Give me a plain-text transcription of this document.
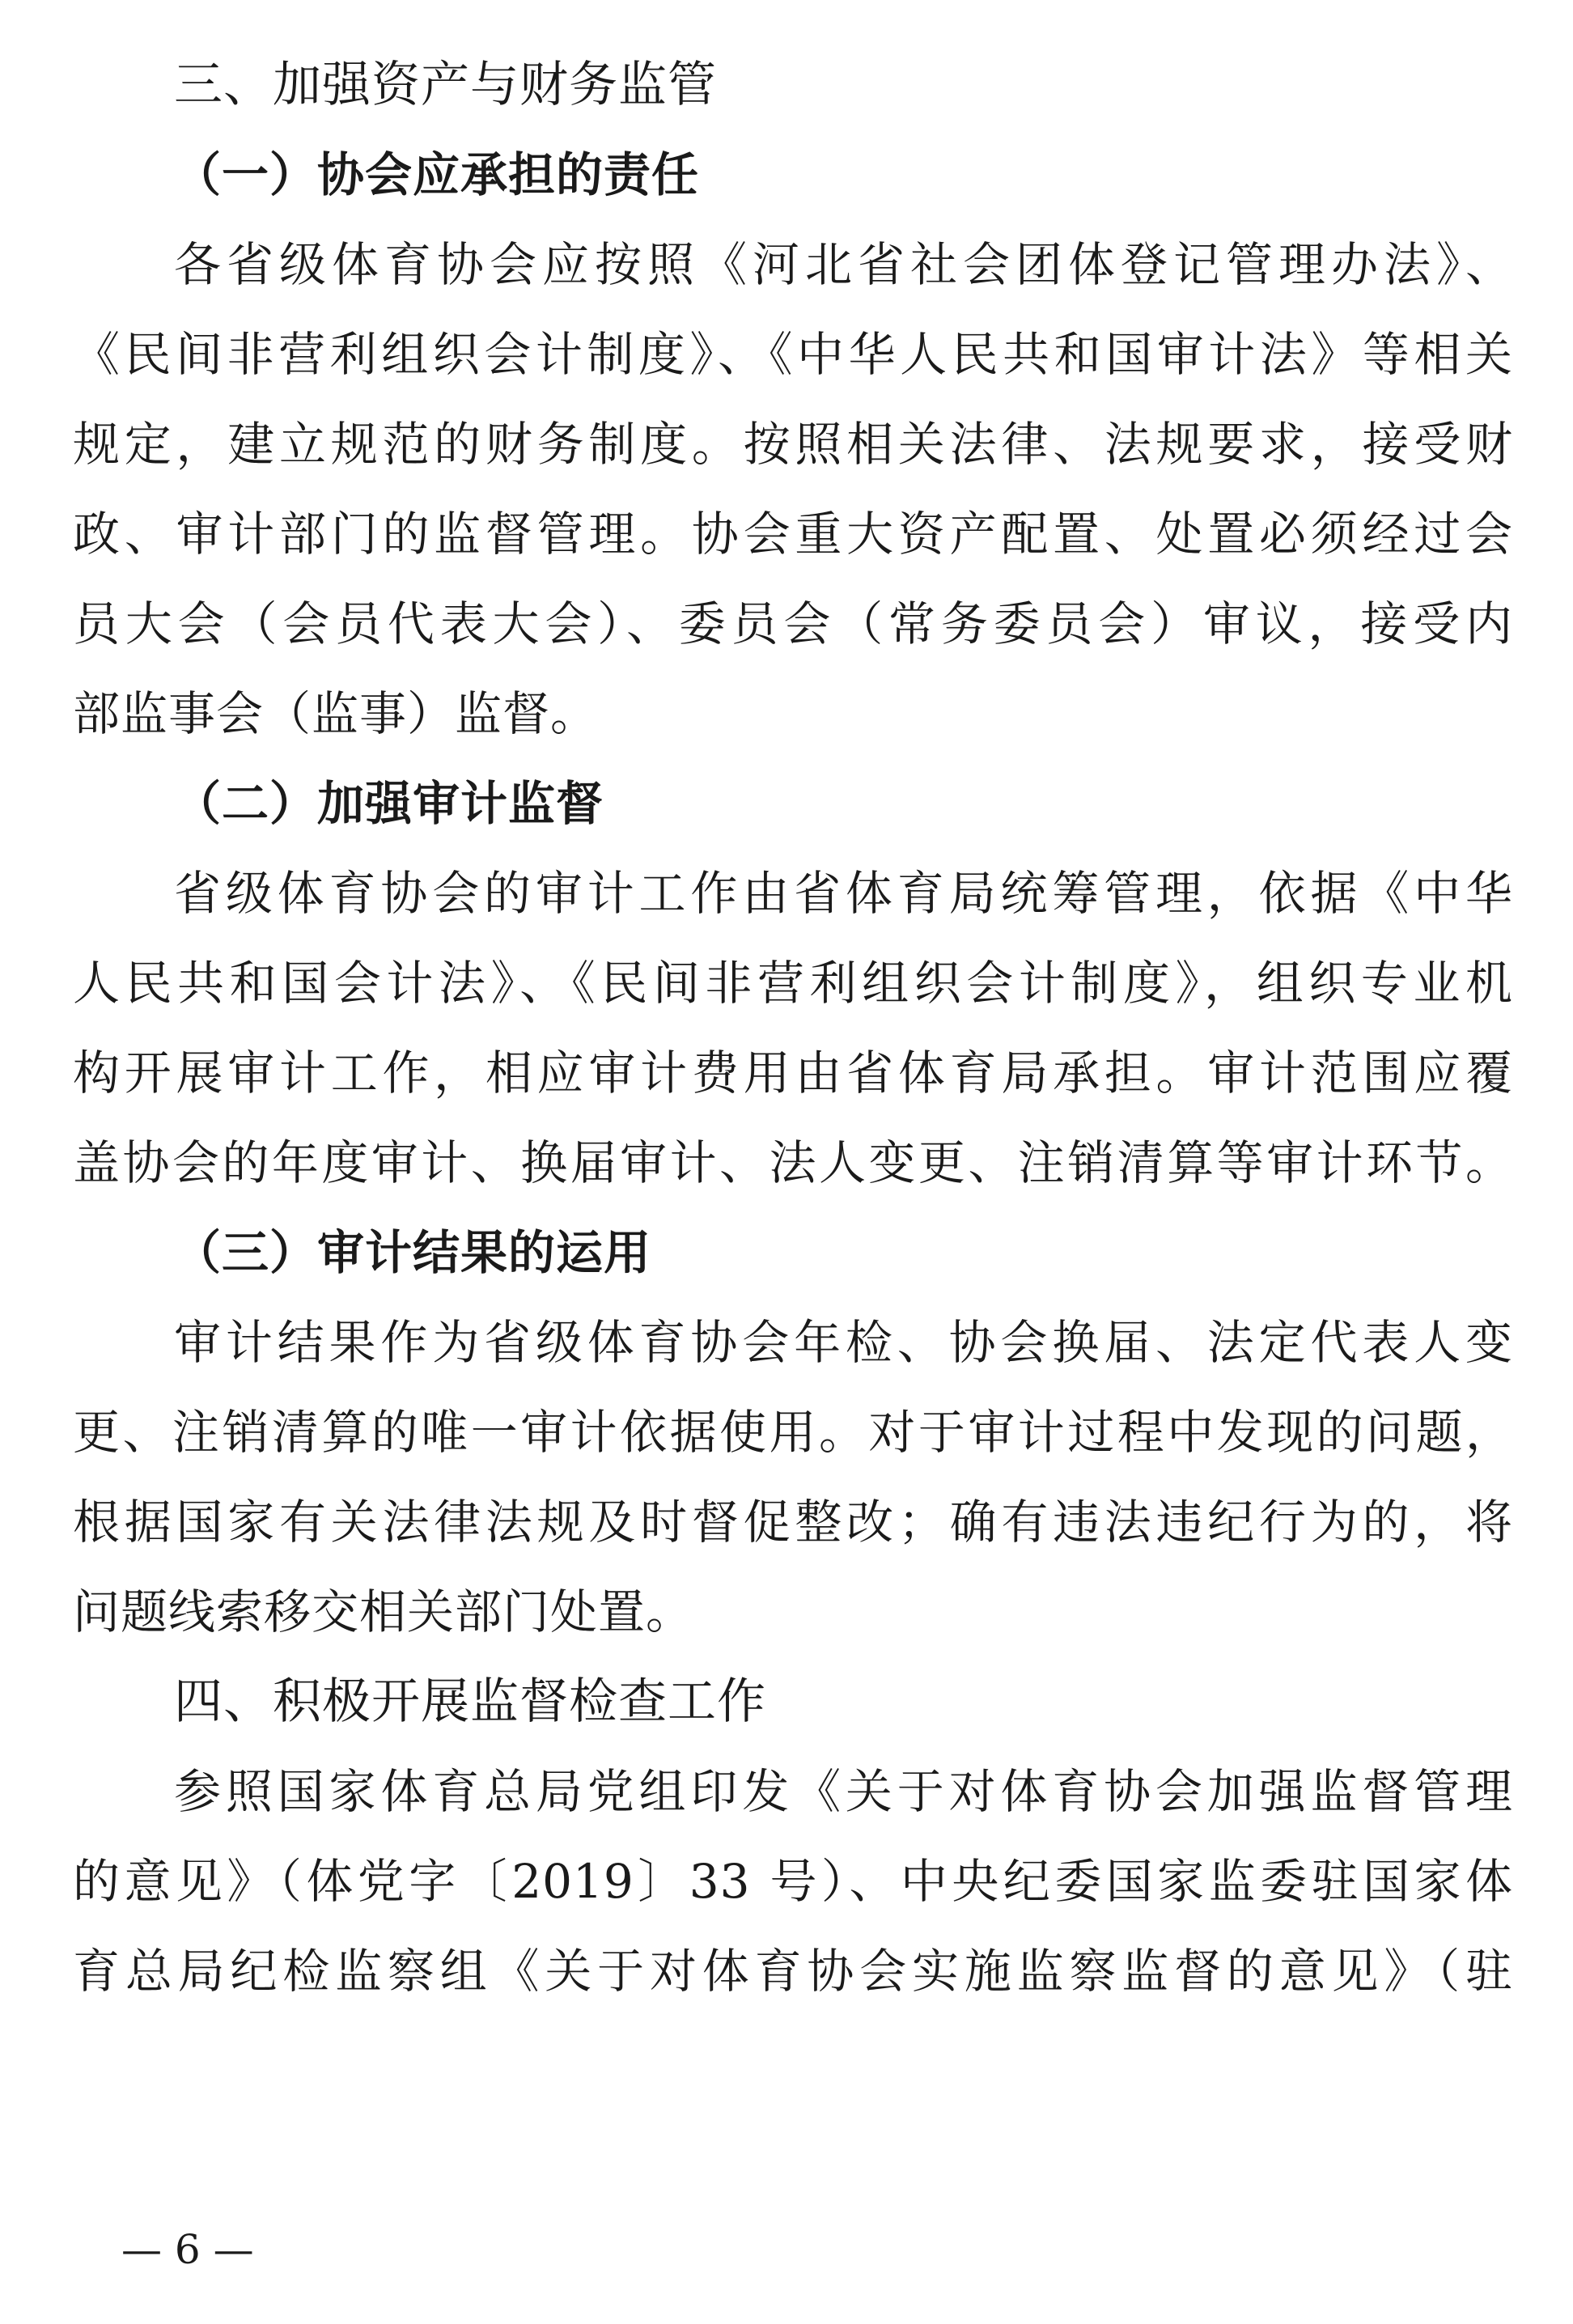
三、加强资产与财务监管
（一）协会应承担的责任
各省级体育协会应按照《河北省社会团体登记管理办法》、
《民间非营利组织会计制度》、《中华人民共和国审计法》等相关
规定，建立规范的财务制度。按照相关法律、法规要求，接受财
政、审计部门的监督管理。协会重大资产配置、处置必须经过会
员大会（会员代表大会）、委员会（常务委员会）审议，接受内
部监事会（监事）监督。
（二）加强审计监督
省级体育协会的审计工作由省体育局统筹管理，依据《中华
人民共和国会计法》、《民间非营利组织会计制度》，组织专业机
构开展审计工作，相应审计费用由省体育局承担。审计范围应覆
盖协会的年度审计、换届审计、法人变更、注销清算等审计环节。
（三）审计结果的运用
审计结果作为省级体育协会年检、协会换届、法定代表人变
更、注销清算的唯一审计依据使用。对于审计过程中发现的问题，
根据国家有关法律法规及时督促整改；确有违法违纪行为的，将
问题线索移交相关部门处置。
四、积极开展监督检查工作
参照国家体育总局党组印发《关于对体育协会加强监督管理
的意见》（体党字〔2019〕33 号）、中央纪委国家监委驻国家体
育总局纪检监察组《关于对体育协会实施监察监督的意见》（驻
— 6 —
